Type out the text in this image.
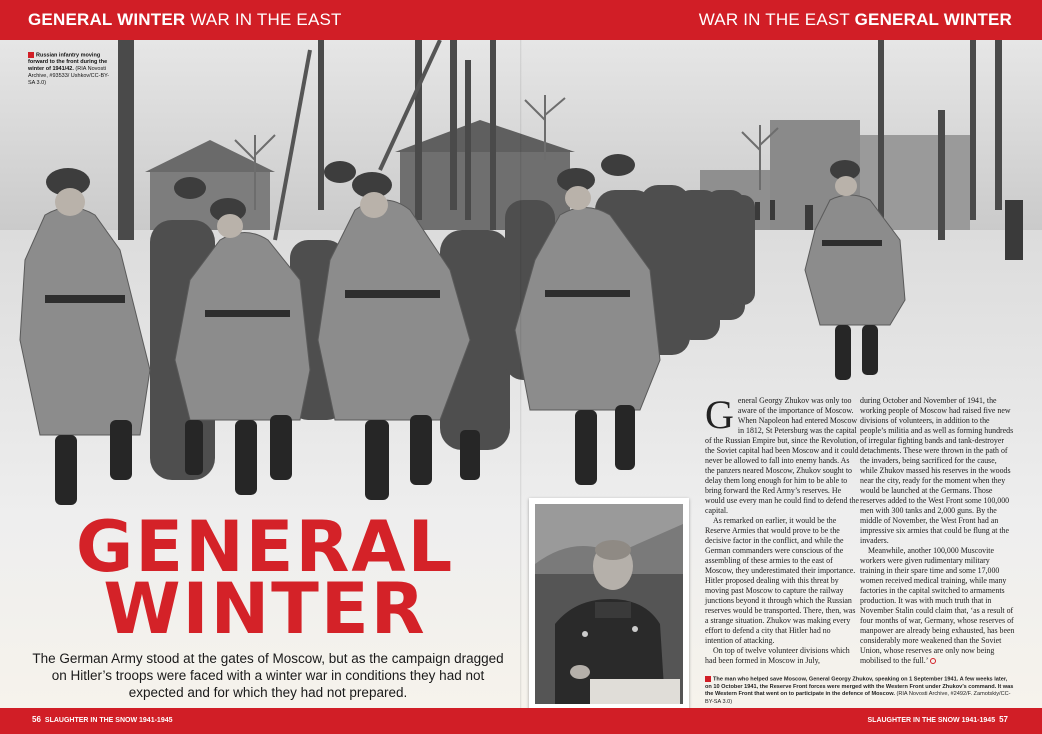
GENERAL WINTER WAR IN THE EAST	WAR IN THE EAST GENERAL WINTER
Russian infantry moving forward to the front during the winter of 1941/42. (RIA Novosti Archive, #93533/ Ushkov/CC-BY-SA 3.0)
GENERAL
WINTER
The German Army stood at the gates of Moscow, but as the campaign dragged on Hitler’s troops were faced with a winter war in conditions they had not expected and for which they had not prepared.

General Georgy Zhukov was only too aware of the importance of Moscow. When Napoleon had entered Moscow in 1812, St Petersburg was the capital of the Russian Empire but, since the Revolution, the Soviet capital had been Moscow and it could never be allowed to fall into enemy hands. As the panzers neared Moscow, Zhukov sought to delay them long enough for him to be able to bring forward the Red Army’s reserves. He would use every man he could find to defend the capital.

As remarked on earlier, it would be the Reserve Armies that would prove to be the decisive factor in the conflict, and while the German commanders were conscious of the assembling of these armies to the east of Moscow, they underestimated their importance. Hitler proposed dealing with this threat by moving past Moscow to capture the railway junctions beyond it through which the Russian reserves would be transported. There, then, was a strange situation. Zhukov was making every effort to defend a city that Hitler had no intention of attacking.

On top of twelve volunteer divisions which had been formed in Moscow in July,

during October and November of 1941, the working people of Moscow had raised five new divisions of volunteers, in addition to the people’s militia and as well as forming hundreds of irregular fighting bands and tank-destroyer detachments. These were thrown in the path of the invaders, being sacrificed for the cause, while Zhukov massed his reserves in the woods near the city, ready for the moment when they would be launched at the Germans. Those reserves added to the West Front some 100,000 men with 300 tanks and 2,000 guns. By the middle of November, the West Front had an impressive six armies that could be flung at the invaders.

Meanwhile, another 100,000 Muscovite workers were given rudimentary military training in their spare time and some 17,000 women received medical training, while many factories in the capital switched to armaments production. It was with much truth that in November Stalin could claim that, ‘as a result of four months of war, Germany, whose reserves of manpower are already being exhausted, has been considerably more weakened than the Soviet Union, whose reserves are only now being mobilised to the full.’

The man who helped save Moscow, General Georgy Zhukov, speaking on 1 September 1941. A few weeks later, on 10 October 1941, the Reserve Front forces were merged with the Western Front under Zhukov’s command. It was the Western Front that went on to participate in the defence of Moscow. (RIA Novosti Archive, #2492/F. Zamotskiy/CC-BY-SA 3.0)
56 SLAUGHTER IN THE SNOW 1941-1945	SLAUGHTER IN THE SNOW 1941-1945 57
